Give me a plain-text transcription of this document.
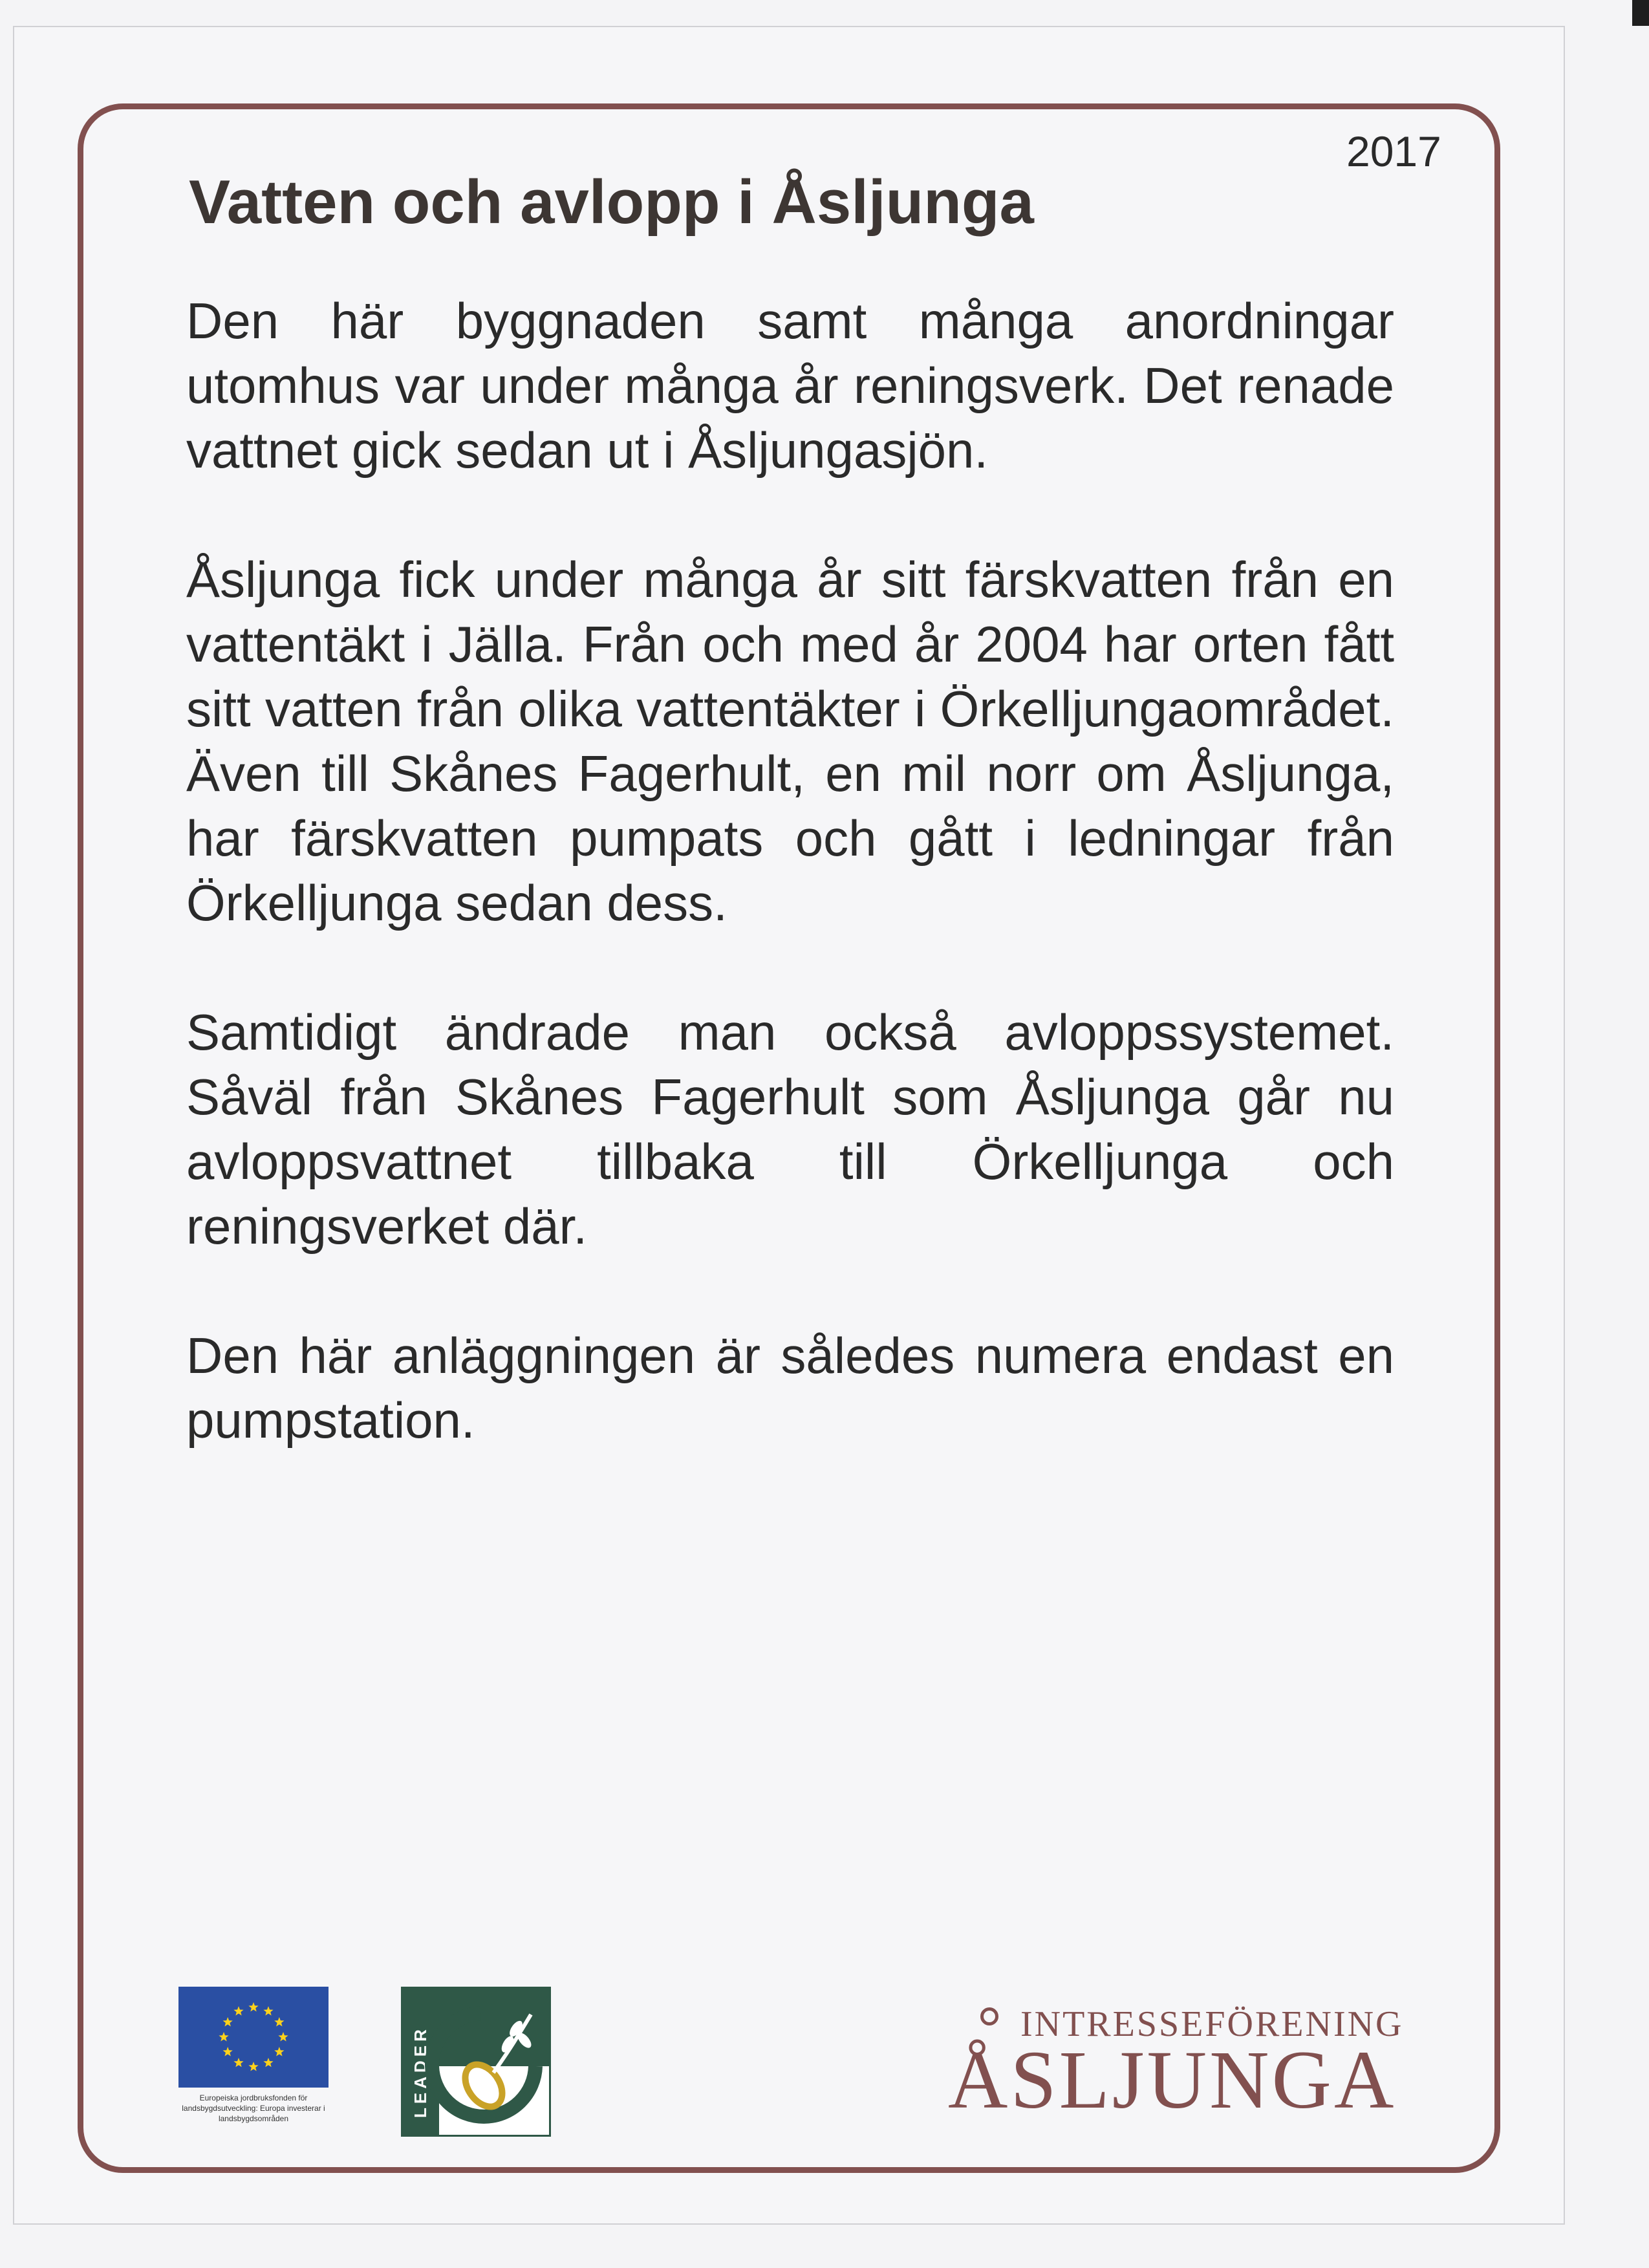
2017
Vatten och avlopp i Åsljunga

Den här byggnaden samt många anordningar utomhus var under många år reningsverk. Det renade vattnet gick sedan ut i Åsljungasjön.

Åsljunga fick under många år sitt färskvatten från en vattentäkt i Jälla. Från och med år 2004 har orten fått sitt vatten från olika vattentäkter i Örkelljungaområdet. Även till Skånes Fagerhult, en mil norr om Åsljunga, har färskvatten pumpats och gått i ledningar från Örkelljunga sedan dess.

Samtidigt ändrade man också avloppssystemet. Såväl från Skånes Fagerhult som Åsljunga går nu avloppsvattnet tillbaka till Örkelljunga och reningsverket där.

Den här anläggningen är således numera endast en pumpstation.

Europeiska jordbruksfonden för landsbygdsutveckling: Europa investerar i landsbygdsområden
LEADER
INTRESSEFÖRENING
ÅSLJUNGA
